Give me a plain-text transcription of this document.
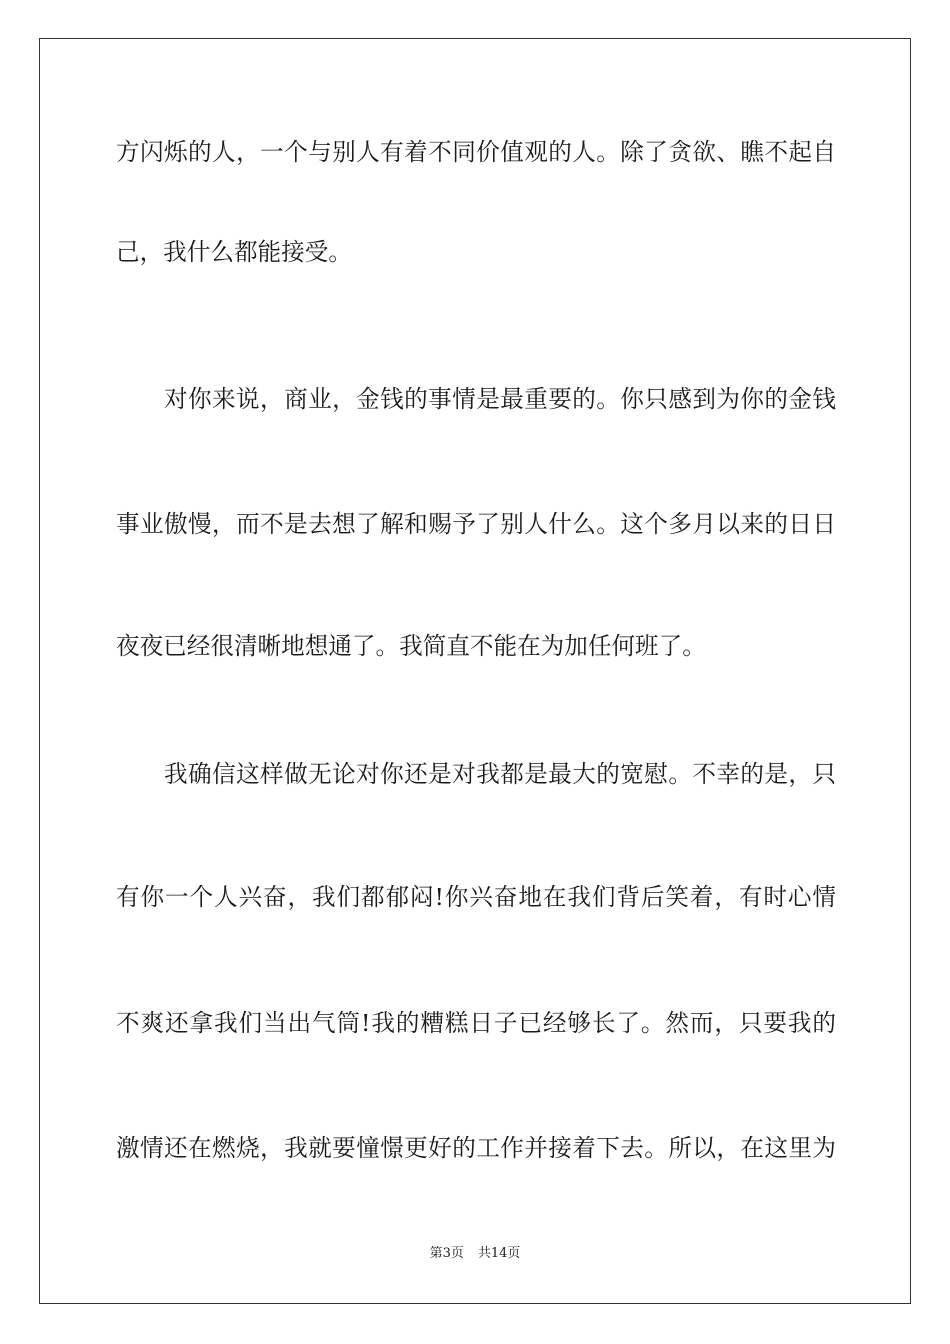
方闪烁的人，一个与别人有着不同价值观的人。除了贪欲、瞧不起自
己，我什么都能接受。
对你来说，商业，金钱的事情是最重要的。你只感到为你的金钱
事业傲慢，而不是去想了解和赐予了别人什么。这个多月以来的日日
夜夜已经很清晰地想通了。我简直不能在为加任何班了。
我确信这样做无论对你还是对我都是最大的宽慰。不幸的是，只
有你一个人兴奋，我们都郁闷!你兴奋地在我们背后笑着，有时心情
不爽还拿我们当出气筒!我的糟糕日子已经够长了。然而，只要我的
激情还在燃烧，我就要憧憬更好的工作并接着下去。所以，在这里为
第3页 共14页
